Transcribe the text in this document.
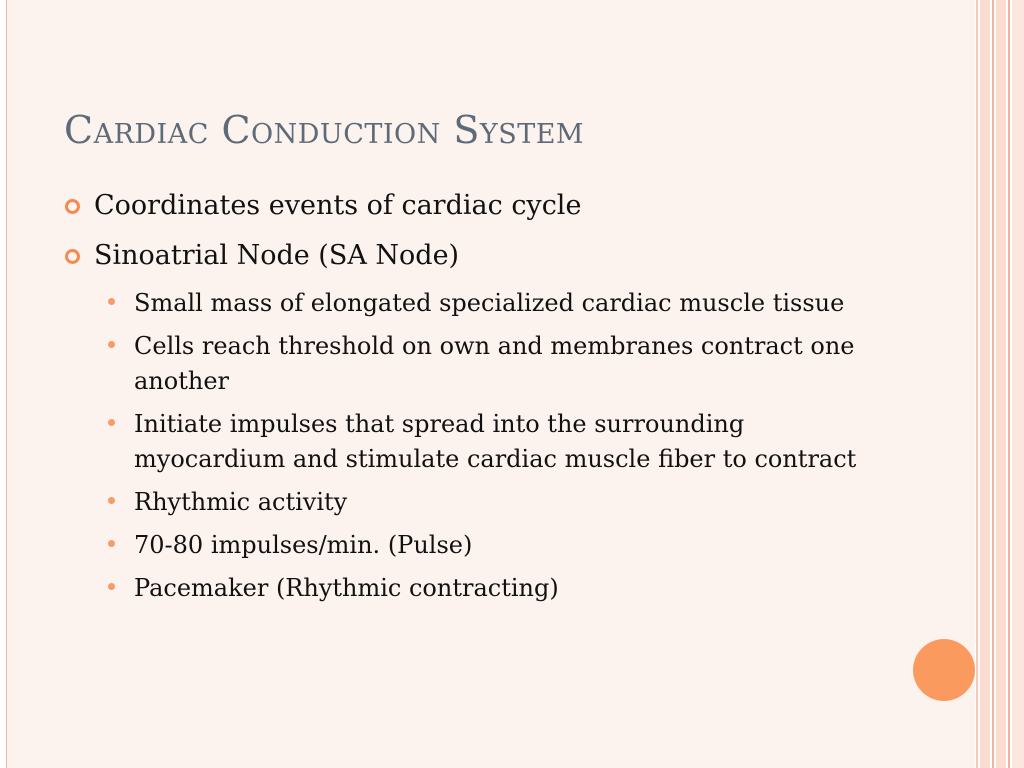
Cardiac Conduction System
Coordinates events of cardiac cycle
Sinoatrial Node (SA Node)
Small mass of elongated specialized cardiac muscle tissue
Cells reach threshold on own and membranes contract one another
Initiate impulses that spread into the surrounding myocardium and stimulate cardiac muscle fiber to contract
Rhythmic activity
70-80 impulses/min. (Pulse)
Pacemaker (Rhythmic contracting)
